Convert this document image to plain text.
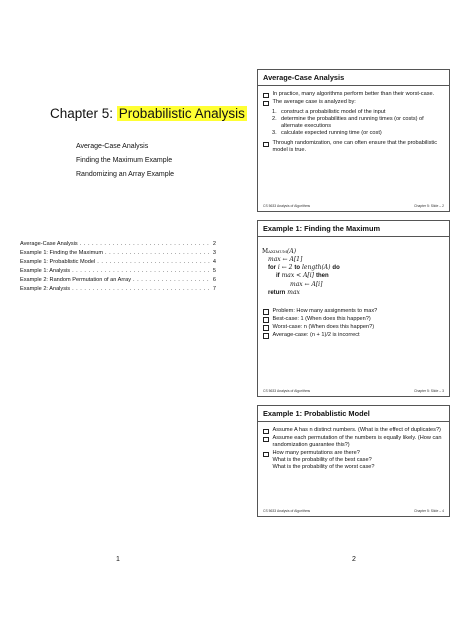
Chapter 5: Probabilistic Analysis
Average-Case Analysis
Finding the Maximum Example
Randomizing an Array Example
Average-Case Analysis . . .	2
Example 1: Finding the Maximum . . .	3
Example 1: Probablistic Model . . .	4
Example 1: Analysis . . .	5
Example 2: Random Permutation of an Array . . .	6
Example 2: Analysis . . .	7
1	2
Average-Case Analysis
In practice, many algorithms perform better than their worst-case.
The average case is analyzed by:
1. construct a probabilistic model of the input
2. determine the probabilities and running times (or costs) of alternate executions
3. calculate expected running time (or cost)
Through randomization, one can often ensure that the probabilistic model is true.
CS 5633 Analysis of Algorithms	Chapter 5: Slide – 2
Example 1: Finding the Maximum
Maximum(A)
max ← A[1]
for i ← 2 to length(A) do
if max < A[i] then
max ← A[i]
return max
Problem: How many assignments to max?
Best-case: 1 (When does this happen?)
Worst-case: n (When does this happen?)
Average-case: (n + 1)/2 is incorrect
CS 5633 Analysis of Algorithms	Chapter 5: Slide – 3
Example 1: Probablistic Model
Assume A has n distinct numbers. (What is the effect of duplicates?)
Assume each permutation of the numbers is equally likely. (How can randomization guarantee this?)
How many permutations are there?
What is the probability of the best case?
What is the probability of the worst case?
CS 5633 Analysis of Algorithms	Chapter 5: Slide – 4
